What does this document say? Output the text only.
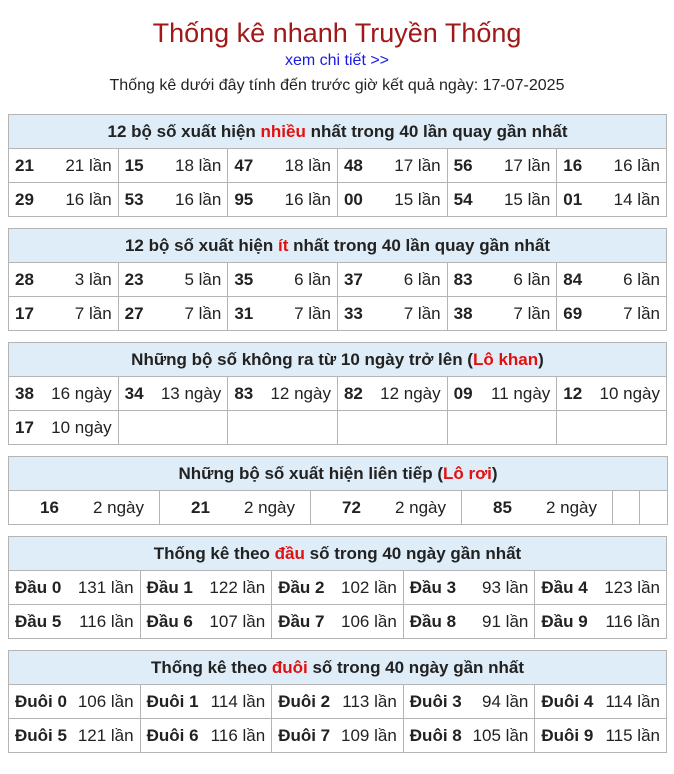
Thống kê nhanh Truyền Thống
xem chi tiết >>
Thống kê dưới đây tính đến trước giờ kết quả ngày: 17-07-2025
12 bộ số xuất hiện nhiều nhất trong 40 lần quay gần nhất					

21 21 lần	15 18 lần	47 18 lần	48 17 lần	56 17 lần	16 16 lần

29 16 lần	53 16 lần	95 16 lần	00 15 lần	54 15 lần	01 14 lần
12 bộ số xuất hiện ít nhất trong 40 lần quay gần nhất					

28 3 lần	23 5 lần	35 6 lần	37 6 lần	83 6 lần	84 6 lần

17 7 lần	27 7 lần	31 7 lần	33 7 lần	38 7 lần	69 7 lần
Những bộ số không ra từ 10 ngày trở lên (Lô khan)					

38 16 ngày	34 13 ngày	83 12 ngày	82 12 ngày	09 11 ngày	12 10 ngày

17 10 ngày					

Những bộ số xuất hiện liên tiếp (Lô rơi)

16	2 ngày	21	2 ngày	72	2 ngày	85	2 ngày

Thống kê theo đầu số trong 40 ngày gần nhất				

Đầu 0 131 lần	Đầu 1 122 lần	Đầu 2 102 lần	Đầu 3 93 lần	Đầu 4 123 lần

Đầu 5 116 lần	Đầu 6 107 lần	Đầu 7 106 lần	Đầu 8 91 lần	Đầu 9 116 lần
Thống kê theo đuôi số trong 40 ngày gần nhất				

Đuôi 0 106 lần	Đuôi 1 114 lần	Đuôi 2 113 lần	Đuôi 3 94 lần	Đuôi 4 114 lần

Đuôi 5 121 lần	Đuôi 6 116 lần	Đuôi 7 109 lần	Đuôi 8 105 lần	Đuôi 9 115 lần
